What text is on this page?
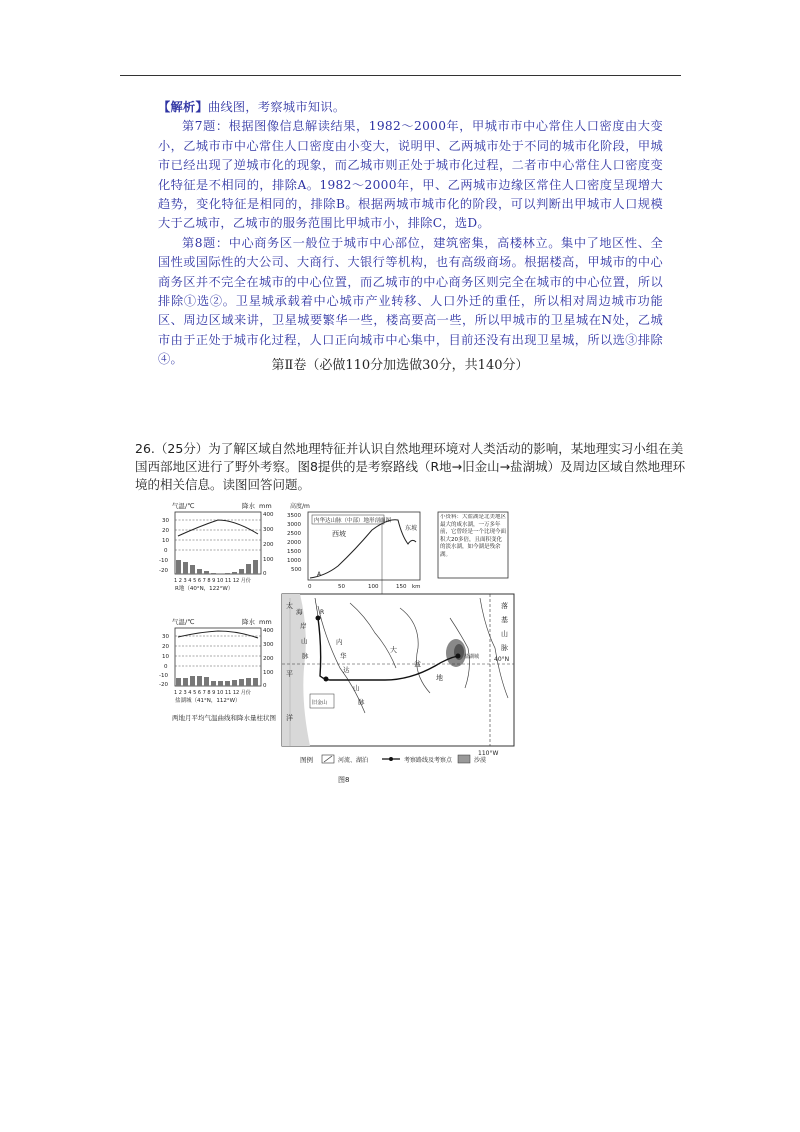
【解析】曲线图，考察城市知识。

第7题：根据图像信息解读结果，1982～2000年，甲城市市中心常住人口密度由大变小，乙城市市中心常住人口密度由小变大，说明甲、乙两城市处于不同的城市化阶段，甲城市已经出现了逆城市化的现象，而乙城市则正处于城市化过程，二者市中心常住人口密度变化特征是不相同的，排除A。1982～2000年，甲、乙两城市边缘区常住人口密度呈现增大趋势，变化特征是相同的，排除B。根据两城市城市化的阶段，可以判断出甲城市人口规模大于乙城市，乙城市的服务范围比甲城市小，排除C，选D。

第8题：中心商务区一般位于城市中心部位，建筑密集，高楼林立。集中了地区性、全国性或国际性的大公司、大商行、大银行等机构，也有高级商场。根据楼高，甲城市的中心商务区并不完全在城市的中心位置，而乙城市的中心商务区则完全在城市的中心位置，所以排除①选②。卫星城承载着中心城市产业转移、人口外迁的重任，所以相对周边城市功能区、周边区域来讲，卫星城要繁华一些，楼高要高一些，所以甲城市的卫星城在N处，乙城市由于正处于城市化过程，人口正向城市中心集中，目前还没有出现卫星城，所以选③排除④。	第Ⅱ卷（必做110分加选做30分，共140分）
26.（25分）为了解区域自然地理特征并认识自然地理环境对人类活动的影响，某地理实习小组在美国西部地区进行了野外考察。图8提供的是考察路线（R地→旧金山→盐湖城）及周边区域自然地理环境的相关信息。读图回答问题。
气温/℃	降水 mm
30
20
10
0
-10
-20
400
300
200
100
0
1 2 3 4 5 6 7 8 9 10 11 12 月份
R地（40°N，122°W）
气温/℃	降水 mm
30
20
10
0
-10
-20
400
300
200
100
0
1 2 3 4 5 6 7 8 9 10 11 12 月份
盐湖城（41°N，112°W）
两地月平均气温曲线和降水量柱状图
高度/m
内华达山脉（中部）地形剖面图
3500
3000
2500
2000
1500
1000
500
西坡
东坡
A
0	50	100	150 km
小资料：大盐湖是北美地区最大的咸水湖，一万多年前，它曾经是一个比现今面积大20多倍，且面积变化的淡水湖，如今湖是残余湖。
太
平
洋
海
岸
山
脉
内
华
达
山
脉
大
盆
地
落
基
山
脉
40°N
110°W
R
旧金山
盐湖城
图例	河流、湖泊	考察路线及考察点	沙漠
图8
